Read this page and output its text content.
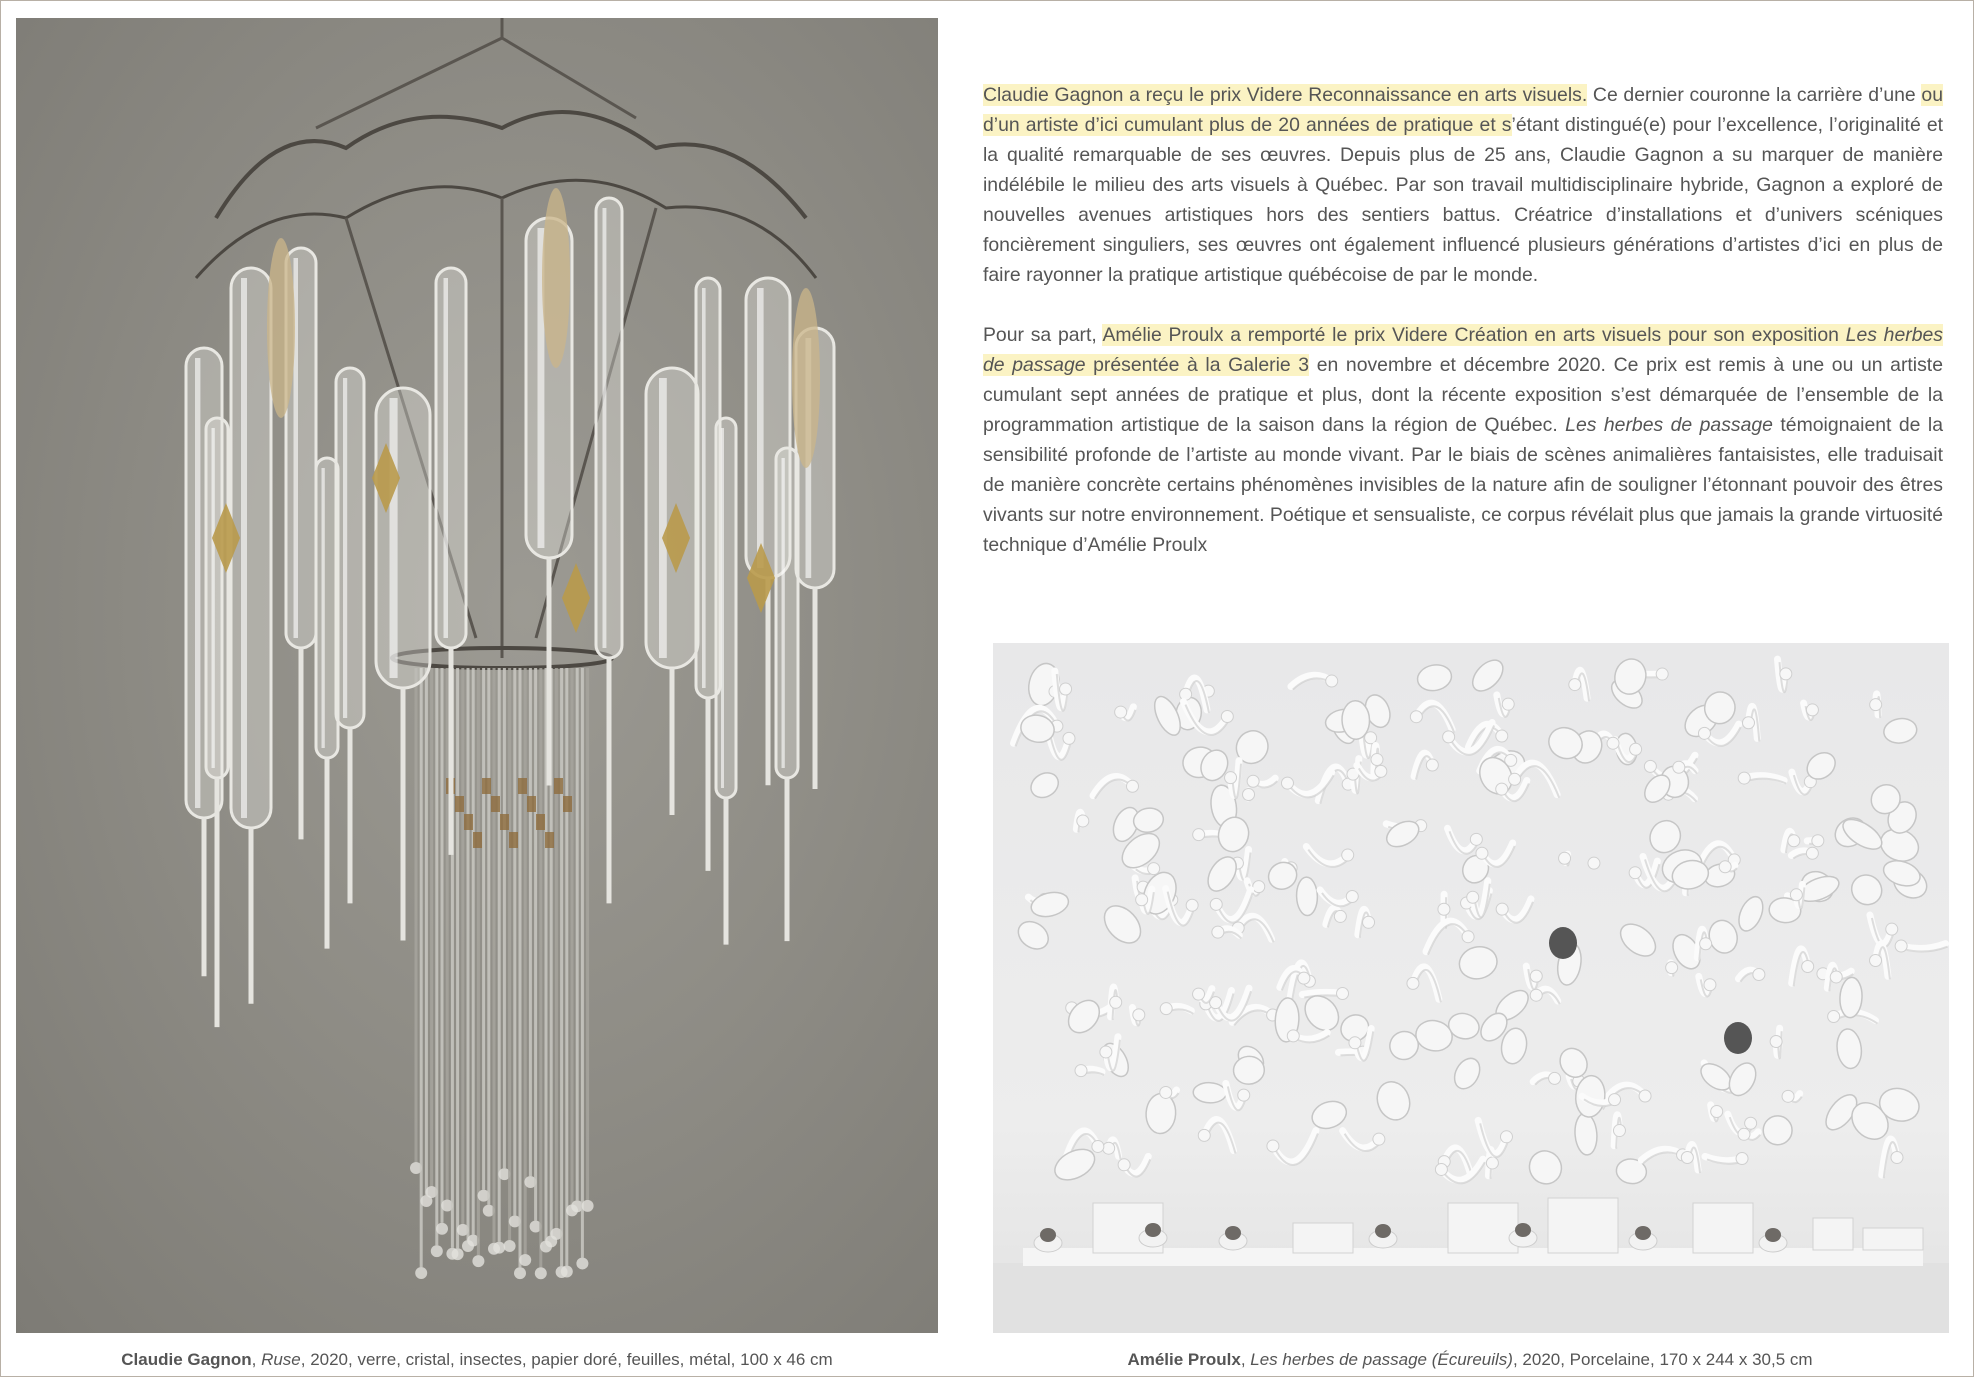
Claudie Gagnon, Ruse, 2020, verre, cristal, insectes, papier doré, feuilles, métal, 100 x 46 cm

Claudie Gagnon a reçu le prix Videre Reconnaissance en arts visuels. Ce dernier couronne la carrière d’une ou d’un artiste d’ici cumulant plus de 20 années de pratique et s’étant distingué(e) pour l’excellence, l’originalité et la qualité remarquable de ses œuvres. Depuis plus de 25 ans, Claudie Gagnon a su marquer de manière indélébile le milieu des arts visuels à Québec. Par son travail multidisciplinaire hybride, Gagnon a exploré de nouvelles avenues artistiques hors des sentiers battus. Créatrice d’installations et d’univers scéniques foncièrement singuliers, ses œuvres ont également influencé plusieurs générations d’artistes d’ici en plus de faire rayonner la pratique artistique québécoise de par le monde.

Pour sa part, Amélie Proulx a remporté le prix Videre Création en arts visuels pour son exposition Les herbes de passage présentée à la Galerie 3 en novembre et décembre 2020. Ce prix est remis à une ou un artiste cumulant sept années de pratique et plus, dont la récente exposition s’est démarquée de l’ensemble de la programmation artistique de la saison dans la région de Québec. Les herbes de passage témoignaient de la sensibilité profonde de l’artiste au monde vivant. Par le biais de scènes animalières fantaisistes, elle traduisait de manière concrète certains phénomènes invisibles de la nature afin de souligner l’étonnant pouvoir des êtres vivants sur notre environnement. Poétique et sensualiste, ce corpus révélait plus que jamais la grande virtuosité technique d’Amélie Proulx

Amélie Proulx, Les herbes de passage (Écureuils), 2020, Porcelaine, 170 x 244 x 30,5 cm
